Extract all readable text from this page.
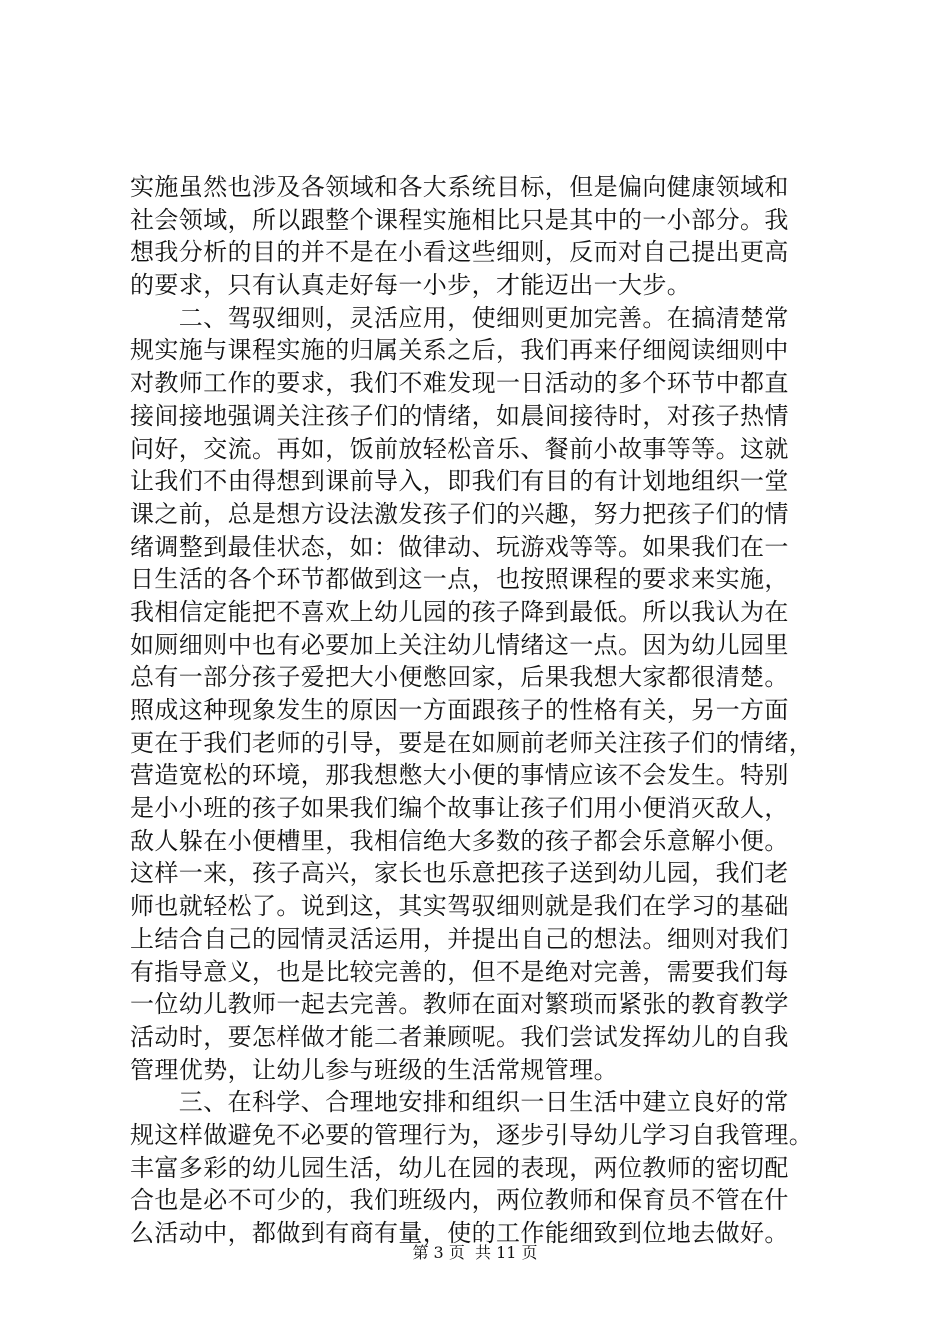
实施虽然也涉及各领域和各大系统目标，但是偏向健康领域和
社会领域，所以跟整个课程实施相比只是其中的一小部分。我
想我分析的目的并不是在小看这些细则，反而对自己提出更高
的要求，只有认真走好每一小步，才能迈出一大步。
　　二、驾驭细则，灵活应用，使细则更加完善。在搞清楚常
规实施与课程实施的归属关系之后，我们再来仔细阅读细则中
对教师工作的要求，我们不难发现一日活动的多个环节中都直
接间接地强调关注孩子们的情绪，如晨间接待时，对孩子热情
问好，交流。再如，饭前放轻松音乐、餐前小故事等等。这就
让我们不由得想到课前导入，即我们有目的有计划地组织一堂
课之前，总是想方设法激发孩子们的兴趣，努力把孩子们的情
绪调整到最佳状态，如：做律动、玩游戏等等。如果我们在一
日生活的各个环节都做到这一点，也按照课程的要求来实施，
我相信定能把不喜欢上幼儿园的孩子降到最低。所以我认为在
如厕细则中也有必要加上关注幼儿情绪这一点。因为幼儿园里
总有一部分孩子爱把大小便憋回家，后果我想大家都很清楚。
照成这种现象发生的原因一方面跟孩子的性格有关，另一方面
更在于我们老师的引导，要是在如厕前老师关注孩子们的情绪，
营造宽松的环境，那我想憋大小便的事情应该不会发生。特别
是小小班的孩子如果我们编个故事让孩子们用小便消灭敌人，
敌人躲在小便槽里，我相信绝大多数的孩子都会乐意解小便。
这样一来，孩子高兴，家长也乐意把孩子送到幼儿园，我们老
师也就轻松了。说到这，其实驾驭细则就是我们在学习的基础
上结合自己的园情灵活运用，并提出自己的想法。细则对我们
有指导意义，也是比较完善的，但不是绝对完善，需要我们每
一位幼儿教师一起去完善。教师在面对繁琐而紧张的教育教学
活动时，要怎样做才能二者兼顾呢。我们尝试发挥幼儿的自我
管理优势，让幼儿参与班级的生活常规管理。
　　三、在科学、合理地安排和组织一日生活中建立良好的常
规这样做避免不必要的管理行为，逐步引导幼儿学习自我管理。
丰富多彩的幼儿园生活，幼儿在园的表现，两位教师的密切配
合也是必不可少的，我们班级内，两位教师和保育员不管在什
么活动中，都做到有商有量，使的工作能细致到位地去做好。
第 3 页  共 11 页
